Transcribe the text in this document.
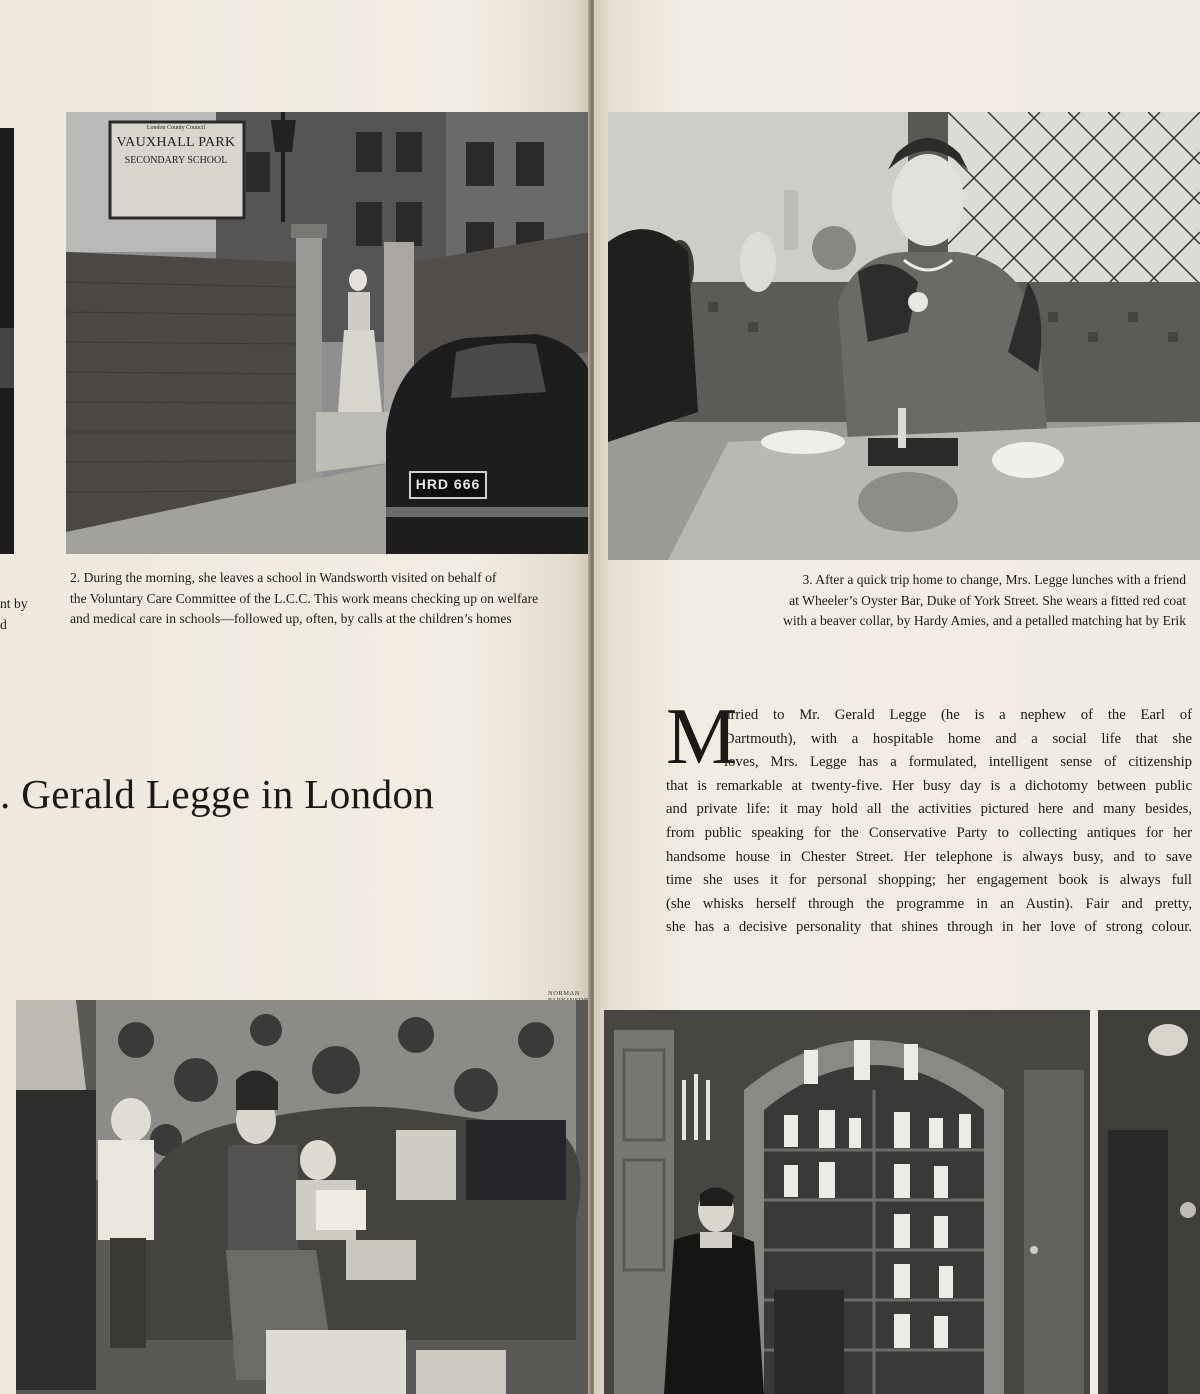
nt by
d
London County Council
VAUXHALL PARK
SECONDARY SCHOOL
HRD 666
2. During the morning, she leaves a school in Wandsworth visited on behalf of
the Voluntary Care Committee of the L.C.C. This work means checking up on welfare
and medical care in schools—followed up, often, by calls at the children’s homes
. Gerald Legge in London
NORMAN
3. After a quick trip home to change, Mrs. Legge lunches with a friend
at Wheeler’s Oyster Bar, Duke of York Street. She wears a fitted red coat
with a beaver collar, by Hardy Amies, and a petalled matching hat by Erik
M
arried to Mr. Gerald Legge (he is a nephew of the Earl of
Dartmouth), with a hospitable home and a social life that she
loves, Mrs. Legge has a formulated, intelligent sense of citizenship
that is remarkable at twenty-five. Her busy day is a dichotomy between public
and private life: it may hold all the activities pictured here and many besides,
from public speaking for the Conservative Party to collecting antiques for her
handsome house in Chester Street. Her telephone is always busy, and to save
time she uses it for personal shopping; her engagement book is always full
(she whisks herself through the programme in an Austin). Fair and pretty,
she has a decisive personality that shines through in her love of strong colour.
